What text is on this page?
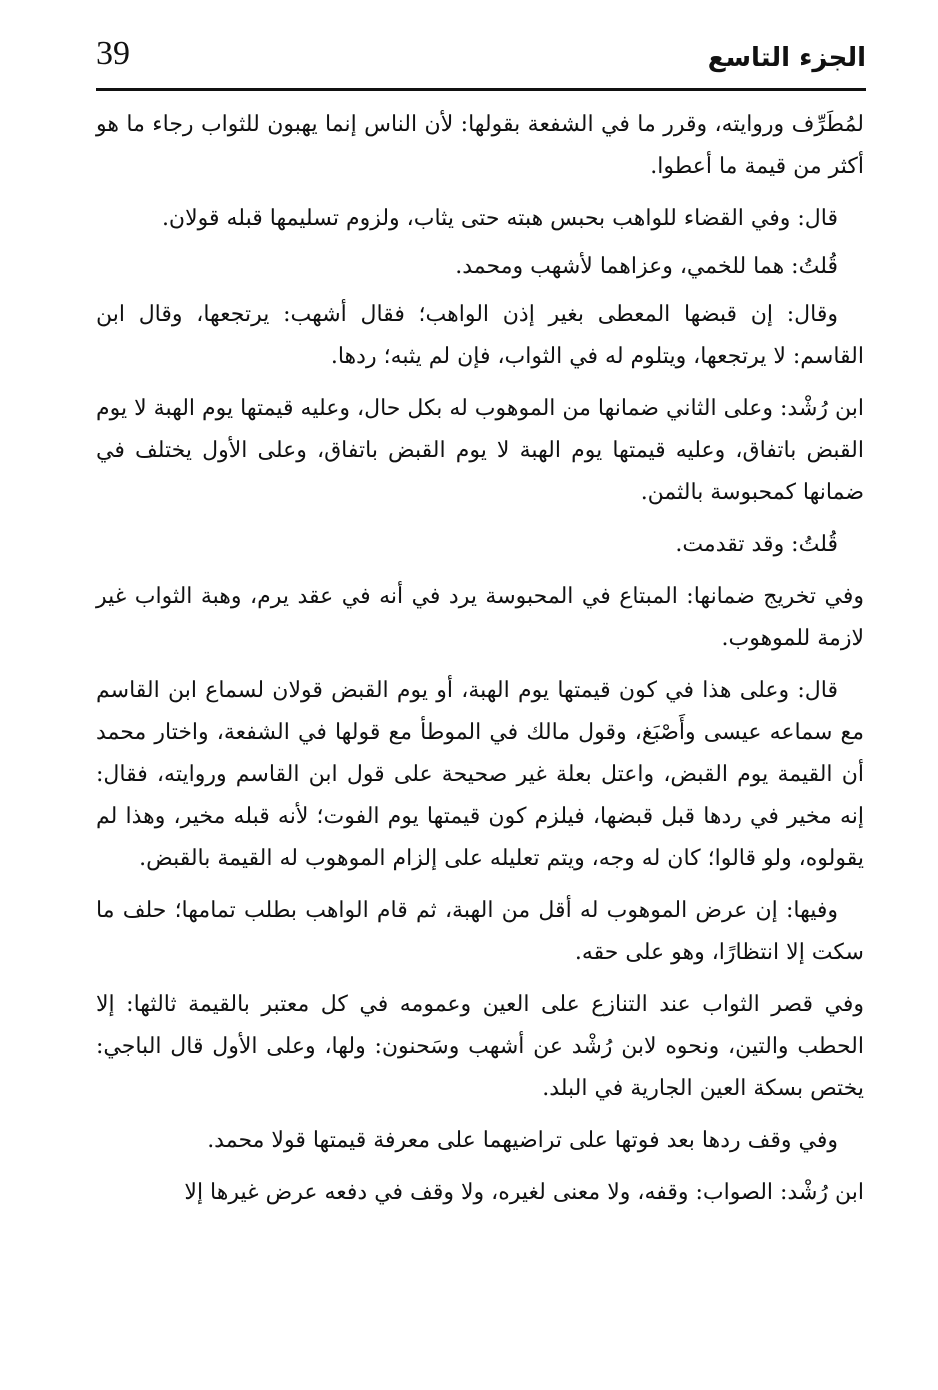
39	الجزء التاسع

لمُطَرِّف وروايته، وقرر ما في الشفعة بقولها: لأن الناس إنما يهبون للثواب رجاء ما هو أكثر من قيمة ما أعطوا.

قال: وفي القضاء للواهب بحبس هبته حتى يثاب، ولزوم تسليمها قبله قولان.

قُلتُ: هما للخمي، وعزاهما لأشهب ومحمد.

وقال: إن قبضها المعطى بغير إذن الواهب؛ فقال أشهب: يرتجعها، وقال ابن القاسم: لا يرتجعها، ويتلوم له في الثواب، فإن لم يثبه؛ ردها.

ابن رُشْد: وعلى الثاني ضمانها من الموهوب له بكل حال، وعليه قيمتها يوم الهبة لا يوم القبض باتفاق، وعليه قيمتها يوم الهبة لا يوم القبض باتفاق، وعلى الأول يختلف في ضمانها كمحبوسة بالثمن.

قُلتُ: وقد تقدمت.

وفي تخريج ضمانها: المبتاع في المحبوسة يرد في أنه في عقد يرم، وهبة الثواب غير لازمة للموهوب.

قال: وعلى هذا في كون قيمتها يوم الهبة، أو يوم القبض قولان لسماع ابن القاسم مع سماعه عيسى وأَصْبَغ، وقول مالك في الموطأ مع قولها في الشفعة، واختار محمد أن القيمة يوم القبض، واعتل بعلة غير صحيحة على قول ابن القاسم وروايته، فقال: إنه مخير في ردها قبل قبضها، فيلزم كون قيمتها يوم الفوت؛ لأنه قبله مخير، وهذا لم يقولوه، ولو قالوا؛ كان له وجه، ويتم تعليله على إلزام الموهوب له القيمة بالقبض.

وفيها: إن عرض الموهوب له أقل من الهبة، ثم قام الواهب بطلب تمامها؛ حلف ما سكت إلا انتظارًا، وهو على حقه.

وفي قصر الثواب عند التنازع على العين وعمومه في كل معتبر بالقيمة ثالثها: إلا الحطب والتين، ونحوه لابن رُشْد عن أشهب وسَحنون: ولها، وعلى الأول قال الباجي: يختص بسكة العين الجارية في البلد.

وفي وقف ردها بعد فوتها على تراضيهما على معرفة قيمتها قولا محمد.

ابن رُشْد: الصواب: وقفه، ولا معنى لغيره، ولا وقف في دفعه عرض غيرها إلا
